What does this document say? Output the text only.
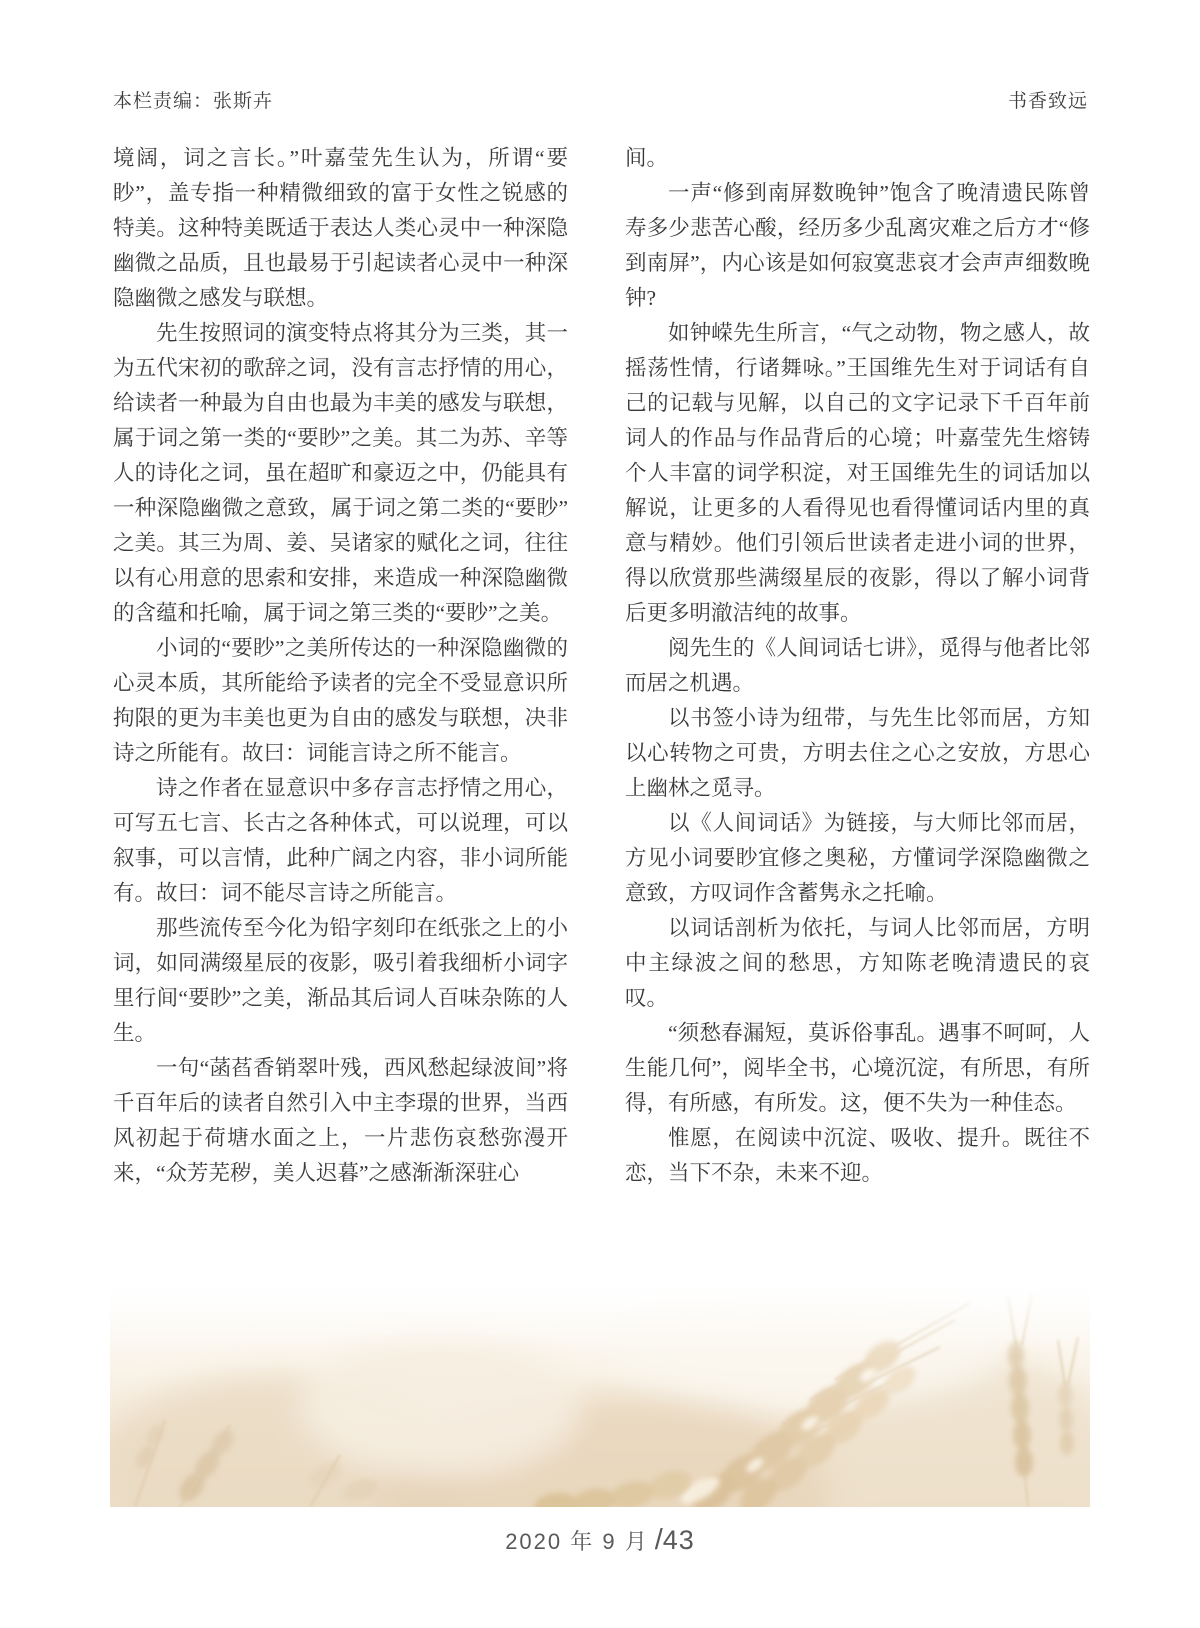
本栏责编：张斯卉	书香致远

境阔，词之言长。”叶嘉莹先生认为，所谓“要眇”，盖专指一种精微细致的富于女性之锐感的特美。这种特美既适于表达人类心灵中一种深隐幽微之品质，且也最易于引起读者心灵中一种深隐幽微之感发与联想。

先生按照词的演变特点将其分为三类，其一为五代宋初的歌辞之词，没有言志抒情的用心，给读者一种最为自由也最为丰美的感发与联想，属于词之第一类的“要眇”之美。其二为苏、辛等人的诗化之词，虽在超旷和豪迈之中，仍能具有一种深隐幽微之意致，属于词之第二类的“要眇”之美。其三为周、姜、吴诸家的赋化之词，往往以有心用意的思索和安排，来造成一种深隐幽微的含蕴和托喻，属于词之第三类的“要眇”之美。

小词的“要眇”之美所传达的一种深隐幽微的心灵本质，其所能给予读者的完全不受显意识所拘限的更为丰美也更为自由的感发与联想，决非诗之所能有。故曰：词能言诗之所不能言。

诗之作者在显意识中多存言志抒情之用心，可写五七言、长古之各种体式，可以说理，可以叙事，可以言情，此种广阔之内容，非小词所能有。故曰：词不能尽言诗之所能言。

那些流传至今化为铅字刻印在纸张之上的小词，如同满缀星辰的夜影，吸引着我细析小词字里行间“要眇”之美，渐品其后词人百味杂陈的人生。

一句“菡萏香销翠叶残，西风愁起绿波间”将千百年后的读者自然引入中主李璟的世界，当西风初起于荷塘水面之上，一片悲伤哀愁弥漫开来，“众芳芜秽，美人迟暮”之感渐渐深驻心

间。

一声“修到南屏数晚钟”饱含了晚清遗民陈曾寿多少悲苦心酸，经历多少乱离灾难之后方才“修到南屏”，内心该是如何寂寞悲哀才会声声细数晚钟?

如钟嵘先生所言，“气之动物，物之感人，故摇荡性情，行诸舞咏。”王国维先生对于词话有自己的记载与见解，以自己的文字记录下千百年前词人的作品与作品背后的心境；叶嘉莹先生熔铸个人丰富的词学积淀，对王国维先生的词话加以解说，让更多的人看得见也看得懂词话内里的真意与精妙。他们引领后世读者走进小词的世界，得以欣赏那些满缀星辰的夜影，得以了解小词背后更多明澈洁纯的故事。

阅先生的《人间词话七讲》，觅得与他者比邻而居之机遇。

以书签小诗为纽带，与先生比邻而居，方知以心转物之可贵，方明去住之心之安放，方思心上幽林之觅寻。

以《人间词话》为链接，与大师比邻而居，方见小词要眇宜修之奥秘，方懂词学深隐幽微之意致，方叹词作含蓄隽永之托喻。

以词话剖析为依托，与词人比邻而居，方明中主绿波之间的愁思，方知陈老晚清遗民的哀叹。

“须愁春漏短，莫诉俗事乱。遇事不呵呵，人生能几何”，阅毕全书，心境沉淀，有所思，有所得，有所感，有所发。这，便不失为一种佳态。

惟愿，在阅读中沉淀、吸收、提升。既往不恋，当下不杂，未来不迎。

2020 年 9 月 /43
